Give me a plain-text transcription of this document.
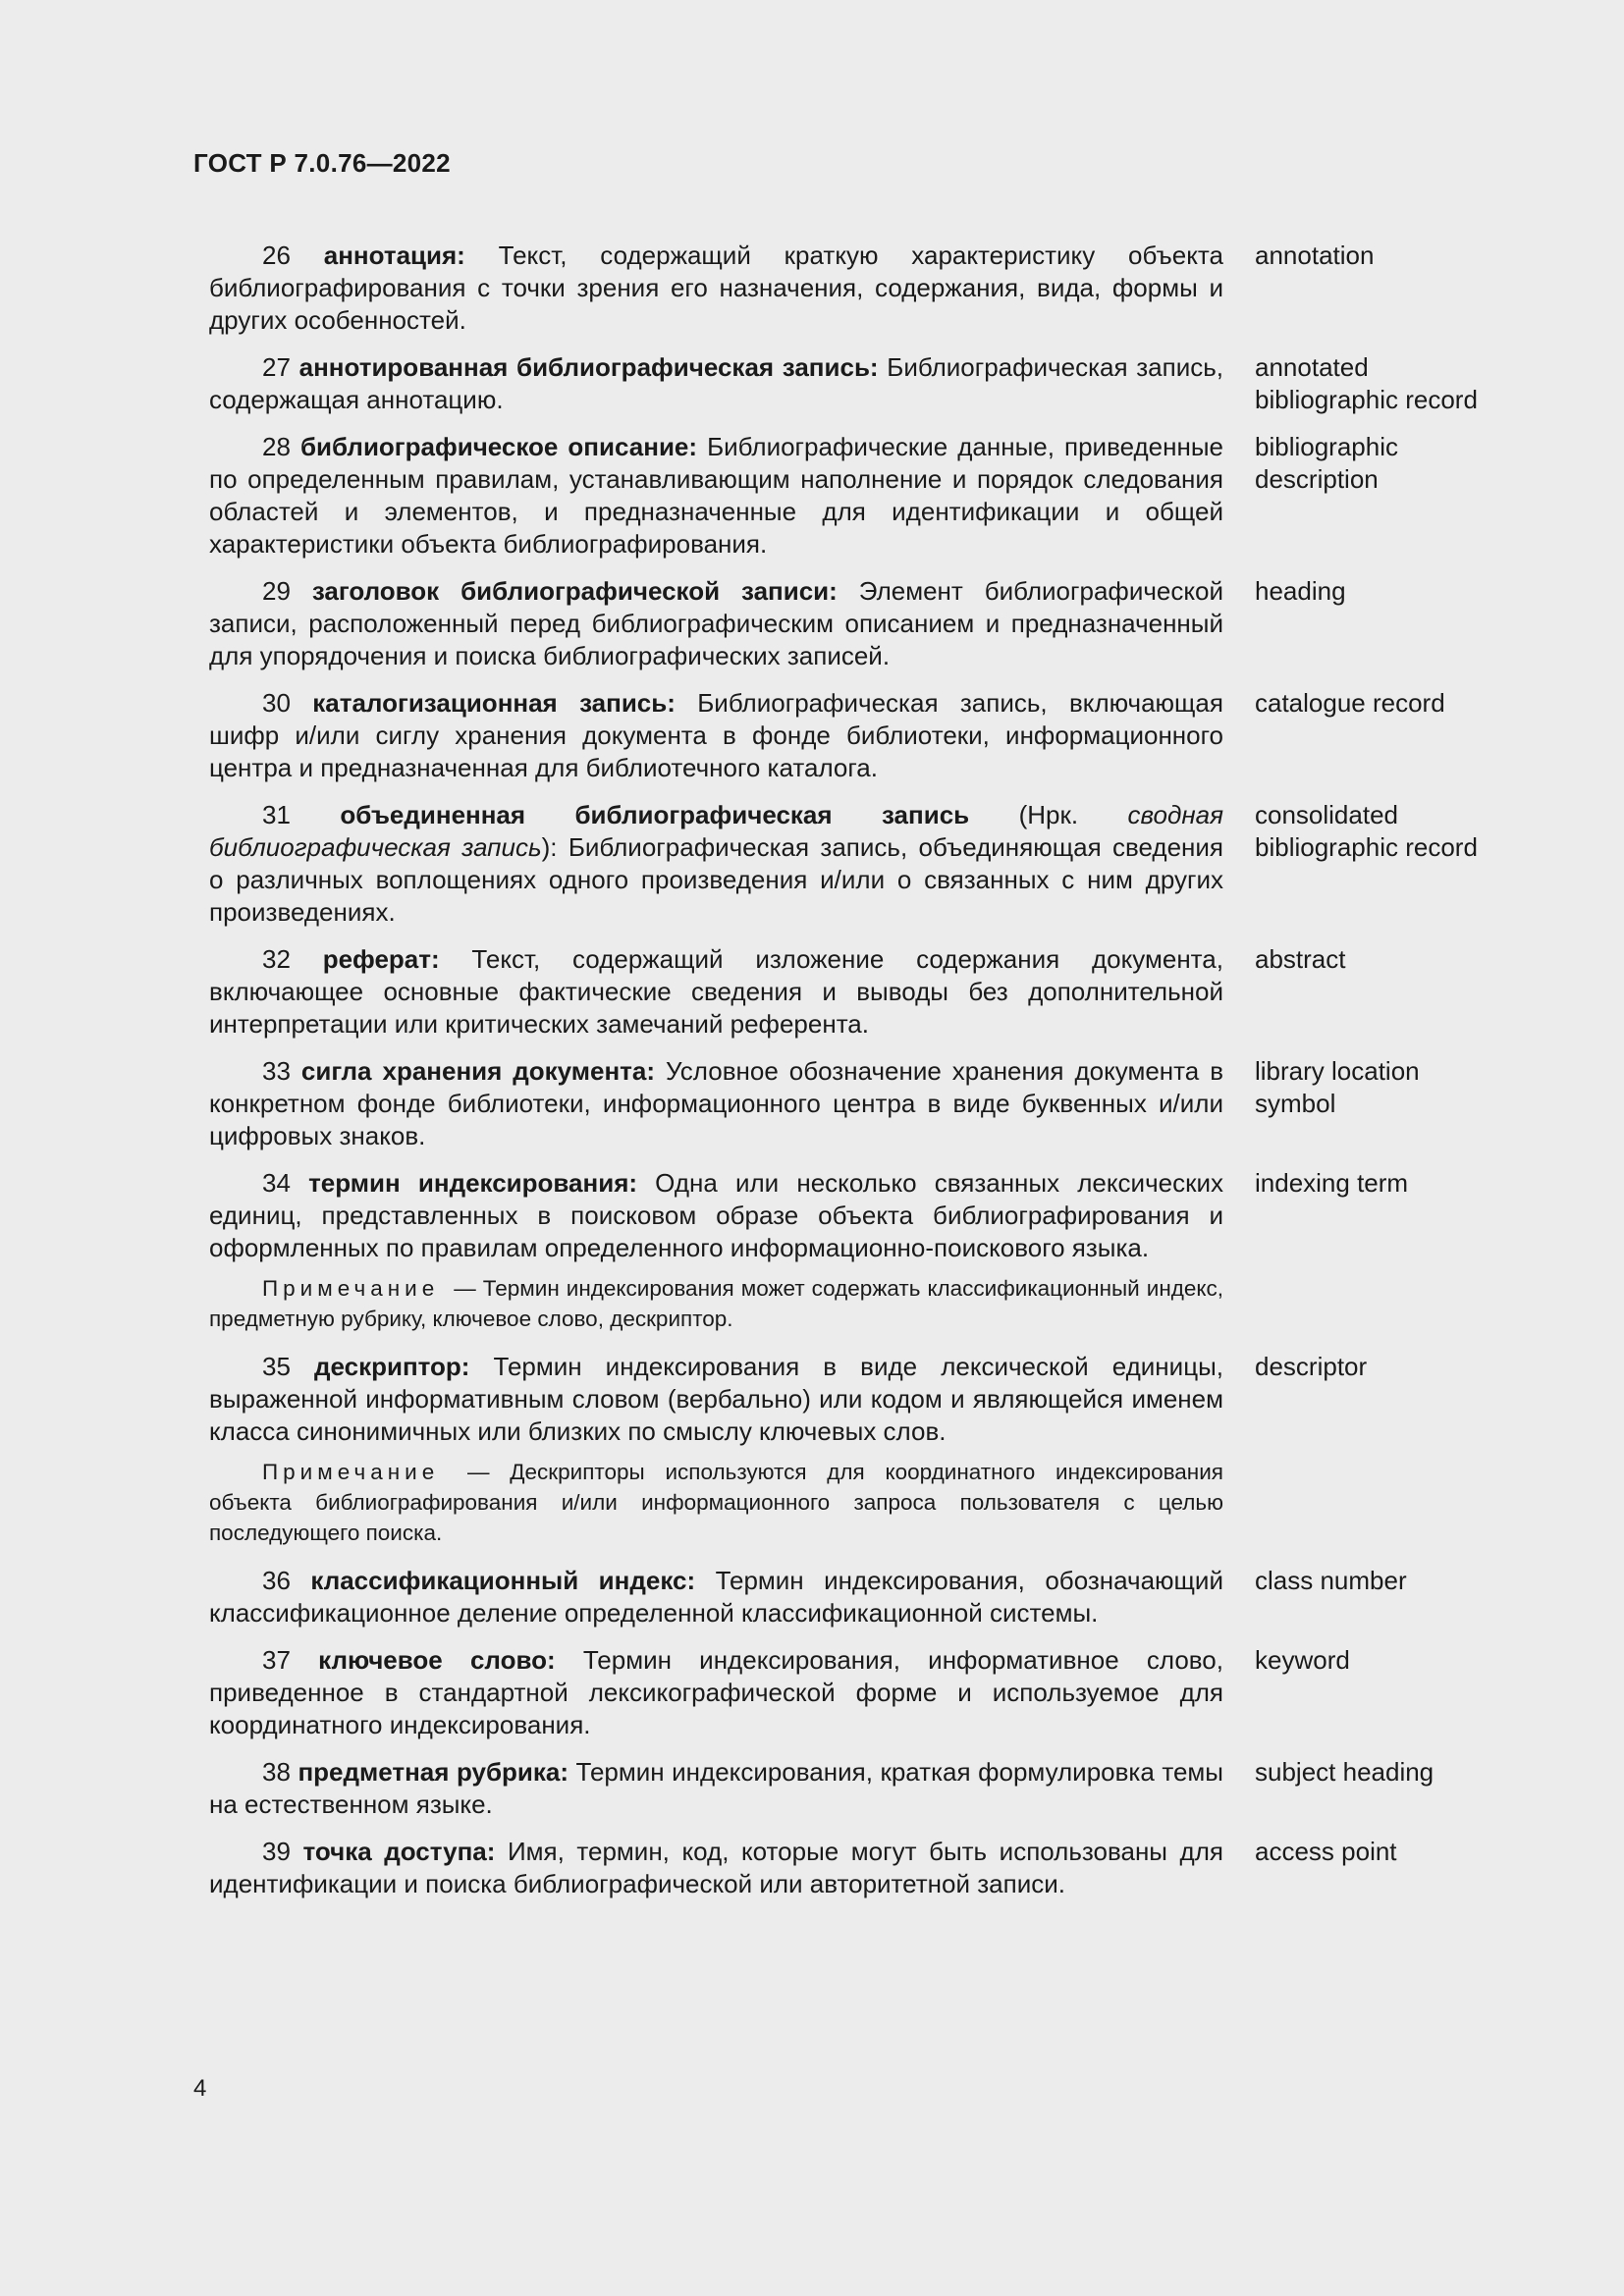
ГОСТ Р 7.0.76—2022
26 аннотация: Текст, содержащий краткую характеристику объекта библиографирования с точки зрения его назначения, содержания, вида, формы и других особенностей.
annotation
27 аннотированная библиографическая запись: Библиографическая запись, содержащая аннотацию.
annotated
bibliographic record
28 библиографическое описание: Библиографические данные, приведенные по определенным правилам, устанавливающим наполнение и порядок следования областей и элементов, и предназначенные для идентификации и общей характеристики объекта библиографирования.
bibliographic
description
29 заголовок библиографической записи: Элемент библиографической записи, расположенный перед библиографическим описанием и предназначенный для упорядочения и поиска библиографических записей.
heading
30 каталогизационная запись: Библиографическая запись, включающая шифр и/или сиглу хранения документа в фонде библиотеки, информационного центра и предназначенная для библиотечного каталога.
catalogue record
31 объединенная библиографическая запись (Нрк. сводная библиографическая запись): Библиографическая запись, объединяющая сведения о различных воплощениях одного произведения и/или о связанных с ним других произведениях.
consolidated
bibliographic record
32 реферат: Текст, содержащий изложение содержания документа, включающее основные фактические сведения и выводы без дополнительной интерпретации или критических замечаний референта.
abstract
33 сигла хранения документа: Условное обозначение хранения документа в конкретном фонде библиотеки, информационного центра в виде буквенных и/или цифровых знаков.
library location
symbol
34 термин индексирования: Одна или несколько связанных лексических единиц, представленных в поисковом образе объекта библиографирования и оформленных по правилам определенного информационно-поискового языка.
indexing term
Примечание — Термин индексирования может содержать классификационный индекс, предметную рубрику, ключевое слово, дескриптор.
35 дескриптор: Термин индексирования в виде лексической единицы, выраженной информативным словом (вербально) или кодом и являющейся именем класса синонимичных или близких по смыслу ключевых слов.
descriptor
Примечание — Дескрипторы используются для координатного индексирования объекта библиографирования и/или информационного запроса пользователя с целью последующего поиска.
36 классификационный индекс: Термин индексирования, обозначающий классификационное деление определенной классификационной системы.
class number
37 ключевое слово: Термин индексирования, информативное слово, приведенное в стандартной лексикографической форме и используемое для координатного индексирования.
keyword
38 предметная рубрика: Термин индексирования, краткая формулировка темы на естественном языке.
subject heading
39 точка доступа: Имя, термин, код, которые могут быть использованы для идентификации и поиска библиографической или авторитетной записи.
access point
4
